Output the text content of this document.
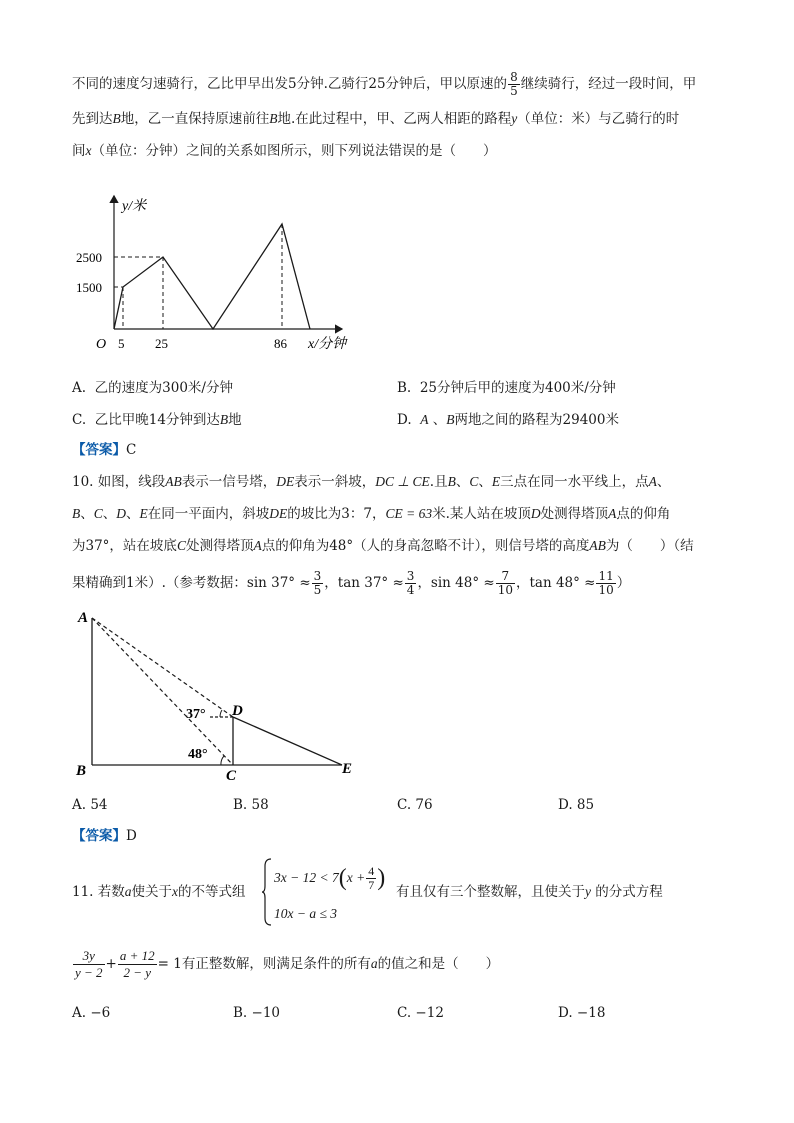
不同的速度匀速骑行，乙比甲早出发5分钟.乙骑行25分钟后，甲以原速的 $\frac{8}{5}$ 继续骑行，经过一段时间，甲
先到达B地，乙一直保持原速前往B地.在此过程中，甲、乙两人相距的路程y（单位：米）与乙骑行的时
间x（单位：分钟）之间的关系如图所示，则下列说法错误的是（　　）
y/米
2500
1500
O 5 25	86 x/分钟
A. 乙的速度为300米/分钟	B. 25分钟后甲的速度为400米/分钟
C. 乙比甲晚14分钟到达B地	D. A 、B两地之间的路程为29400米
【答案】C
10. 如图，线段AB表示一信号塔，DE表示一斜坡，DC ⊥ CE.且B、C、E三点在同一水平线上，点A、
B、C、D、E在同一平面内，斜坡DE的坡比为3：7，CE = 63米.某人站在坡顶D处测得塔顶A点的仰角
为37°，站在坡底C处测得塔顶A点的仰角为48°（人的身高忽略不计），则信号塔的高度AB为（　　）（结
果精确到1米）.（参考数据：$\sin 37^\circ \approx \frac{3}{5}$ ，$\tan 37^\circ \approx \frac{3}{4}$ ，$\sin 48^\circ \approx \frac{7}{10}$ ，$\tan 48^\circ \approx \frac{11}{10}$ ）
A
B	C
D
E
37°
48°
A. 54	B. 58	C. 76	D. 85
【答案】D
11. 若数a使关于x的不等式组
$3x - 12 < 7(x + \frac{4}{7}$ )
10x − a ≤ 3
有且仅有三个整数解，且使关于y 的分式方程
$\frac{3y}{y - 2} + \frac{a + 12}{2 - y} = 1$有正整数解，则满足条件的所有a的值之和是（　　）
A. −6	B. −10	C. −12	D. −18
